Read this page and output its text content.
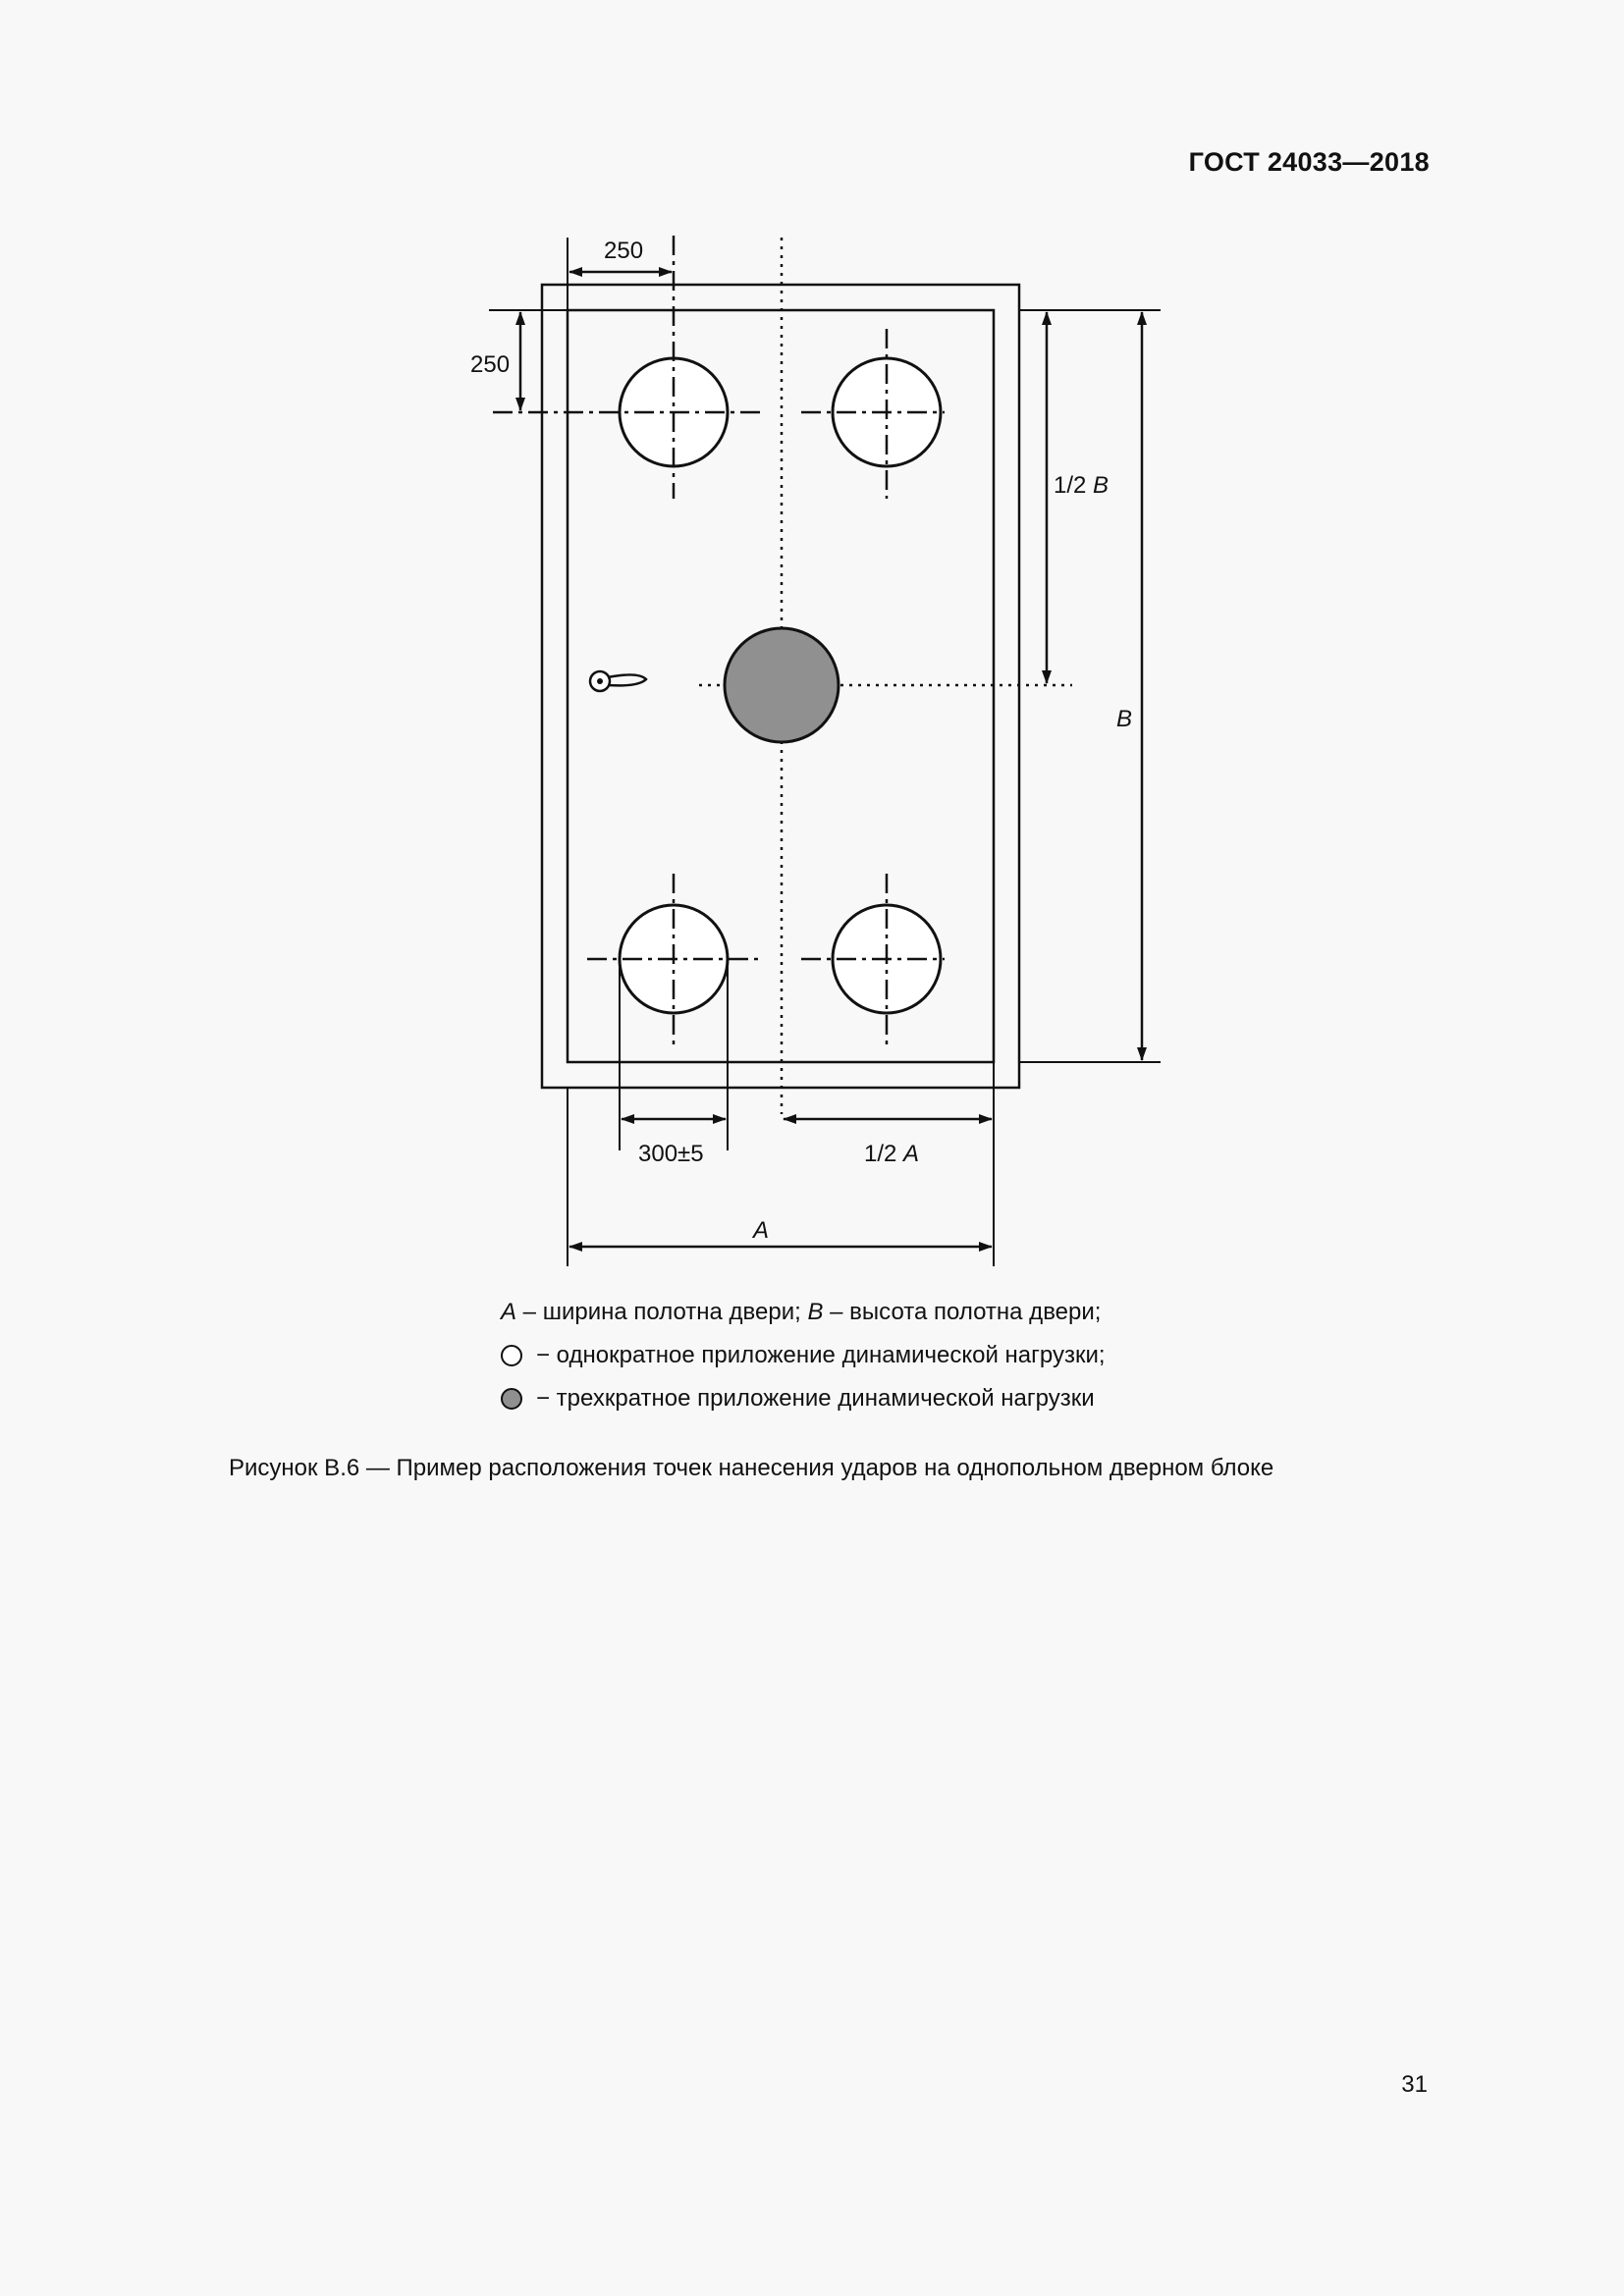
ГОСТ 24033—2018
250
250
1/2 B
B
300±5	1/2 A
A
A – ширина полотна двери; B – высота полотна двери;
− однократное приложение динамической нагрузки;
− трехкратное приложение динамической нагрузки
Рисунок В.6 — Пример расположения точек нанесения ударов на однопольном дверном блоке
31
